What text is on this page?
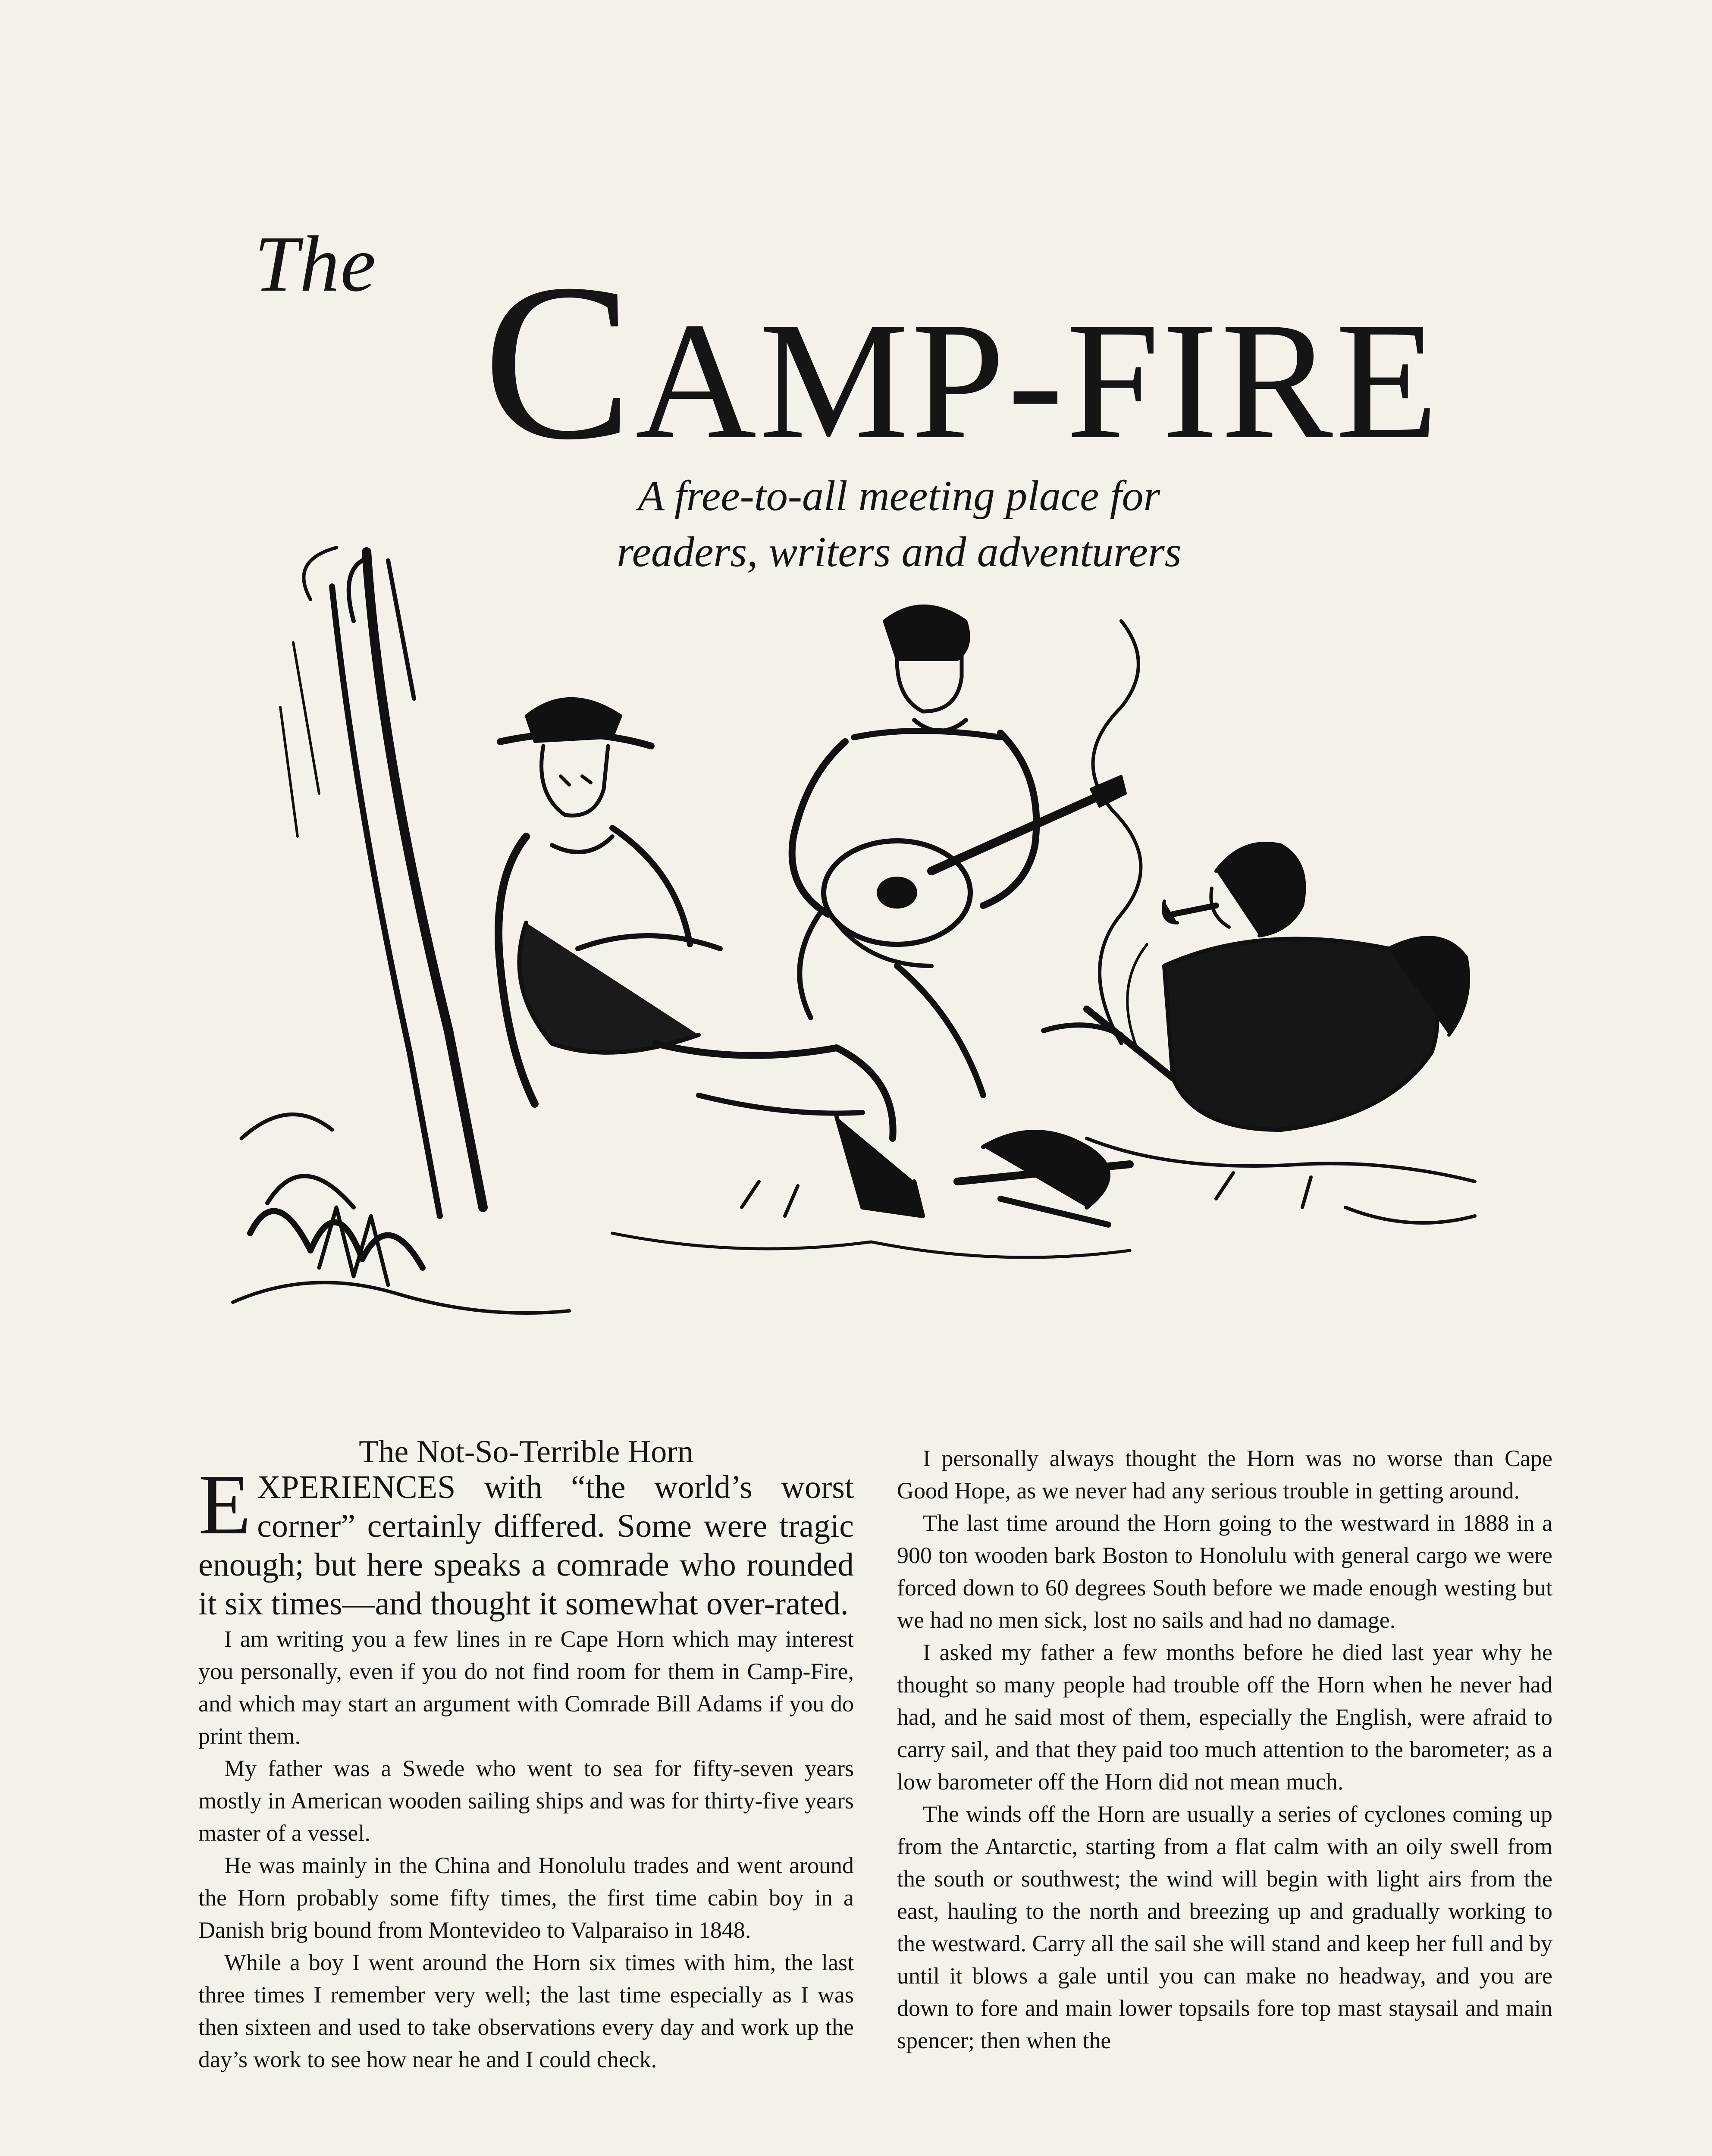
The CAMP-FIRE
A free-to-all meeting place for
readers, writers and adventurers

The Not-So-Terrible Horn

EXPERIENCES with “the world’s worst corner” certainly differed. Some were tragic enough; but here speaks a comrade who rounded it six times—and thought it somewhat over-rated.

I am writing you a few lines in re Cape Horn which may interest you personally, even if you do not find room for them in Camp-Fire, and which may start an argument with Comrade Bill Adams if you do print them.

My father was a Swede who went to sea for fifty-seven years mostly in American wooden sailing ships and was for thirty-five years master of a vessel.

He was mainly in the China and Honolulu trades and went around the Horn probably some fifty times, the first time cabin boy in a Danish brig bound from Montevideo to Valparaiso in 1848.

While a boy I went around the Horn six times with him, the last three times I remember very well; the last time especially as I was then sixteen and used to take observations every day and work up the day’s work to see how near he and I could check.

I personally always thought the Horn was no worse than Cape Good Hope, as we never had any serious trouble in getting around.

The last time around the Horn going to the westward in 1888 in a 900 ton wooden bark Boston to Honolulu with general cargo we were forced down to 60 degrees South before we made enough westing but we had no men sick, lost no sails and had no damage.

I asked my father a few months before he died last year why he thought so many people had trouble off the Horn when he never had had, and he said most of them, especially the English, were afraid to carry sail, and that they paid too much attention to the barometer; as a low barometer off the Horn did not mean much.

The winds off the Horn are usually a series of cyclones coming up from the Antarctic, starting from a flat calm with an oily swell from the south or southwest; the wind will begin with light airs from the east, hauling to the north and breezing up and gradually working to the westward. Carry all the sail she will stand and keep her full and by until it blows a gale until you can make no headway, and you are down to fore and main lower topsails fore top mast staysail and main spencer; then when the
